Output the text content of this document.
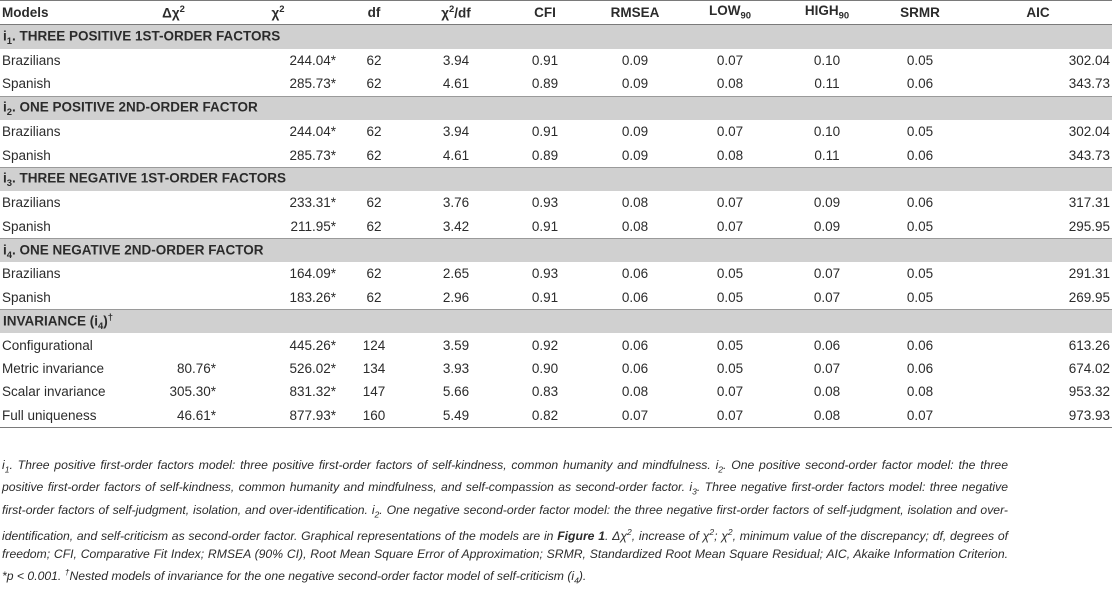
Models	$\Delta\chi^2$	$\chi^2$	df	$\chi^2/df$	CFI	RMSEA	$LOW_{90}$	$HIGH_{90}$	SRMR	AIC
$i_1$. THREE POSITIVE 1ST-ORDER FACTORS										
Brazilians		244.04*	62	3.94	0.91	0.09	0.07	0.10	0.05	302.04
Spanish		285.73*	62	4.61	0.89	0.09	0.08	0.11	0.06	343.73
$i_2$. ONE POSITIVE 2ND-ORDER FACTOR										
Brazilians		244.04*	62	3.94	0.91	0.09	0.07	0.10	0.05	302.04
Spanish		285.73*	62	4.61	0.89	0.09	0.08	0.11	0.06	343.73
$i_3$. THREE NEGATIVE 1ST-ORDER FACTORS										
Brazilians		233.31*	62	3.76	0.93	0.08	0.07	0.09	0.06	317.31
Spanish		211.95*	62	3.42	0.91	0.08	0.07	0.09	0.05	295.95
$i_4$. ONE NEGATIVE 2ND-ORDER FACTOR										
Brazilians		164.09*	62	2.65	0.93	0.06	0.05	0.07	0.05	291.31
Spanish		183.26*	62	2.96	0.91	0.06	0.05	0.07	0.05	269.95
INVARIANCE $(i_4)^\dagger$
Configurational		445.26*	124	3.59	0.92	0.06	0.05	0.06	0.06	613.26
Metric invariance	80.76*	526.02*	134	3.93	0.90	0.06	0.05	0.07	0.06	674.02
Scalar invariance	305.30*	831.32*	147	5.66	0.83	0.08	0.07	0.08	0.08	953.32
Full uniqueness	46.61*	877.93*	160	5.49	0.82	0.07	0.07	0.08	0.07	973.93
$i_1$. Three positive first-order factors model: three positive first-order factors of self-kindness, common humanity and mindfulness. $i_2$. One positive second-order factor model: the three positive first-order factors of self-kindness, common humanity and mindfulness, and self-compassion as second-order factor. $i_3$. Three negative first-order factors model: three negative first-order factors of self-judgment, isolation, and over-identification. $i_2$. One negative second-order factor model: the three negative first-order factors of self-judgment, isolation and over-identification, and self-criticism as second-order factor. Graphical representations of the models are in Figure 1. $\Delta\chi^2$, increase of $\chi^2$; $\chi^2$, minimum value of the discrepancy; df, degrees of freedom; CFI, Comparative Fit Index; RMSEA (90% CI), Root Mean Square Error of Approximation; SRMR, Standardized Root Mean Square Residual; AIC, Akaike Information Criterion. *p < 0.001. †Nested models of invariance for the one negative second-order factor model of self-criticism $(i_4)$.
